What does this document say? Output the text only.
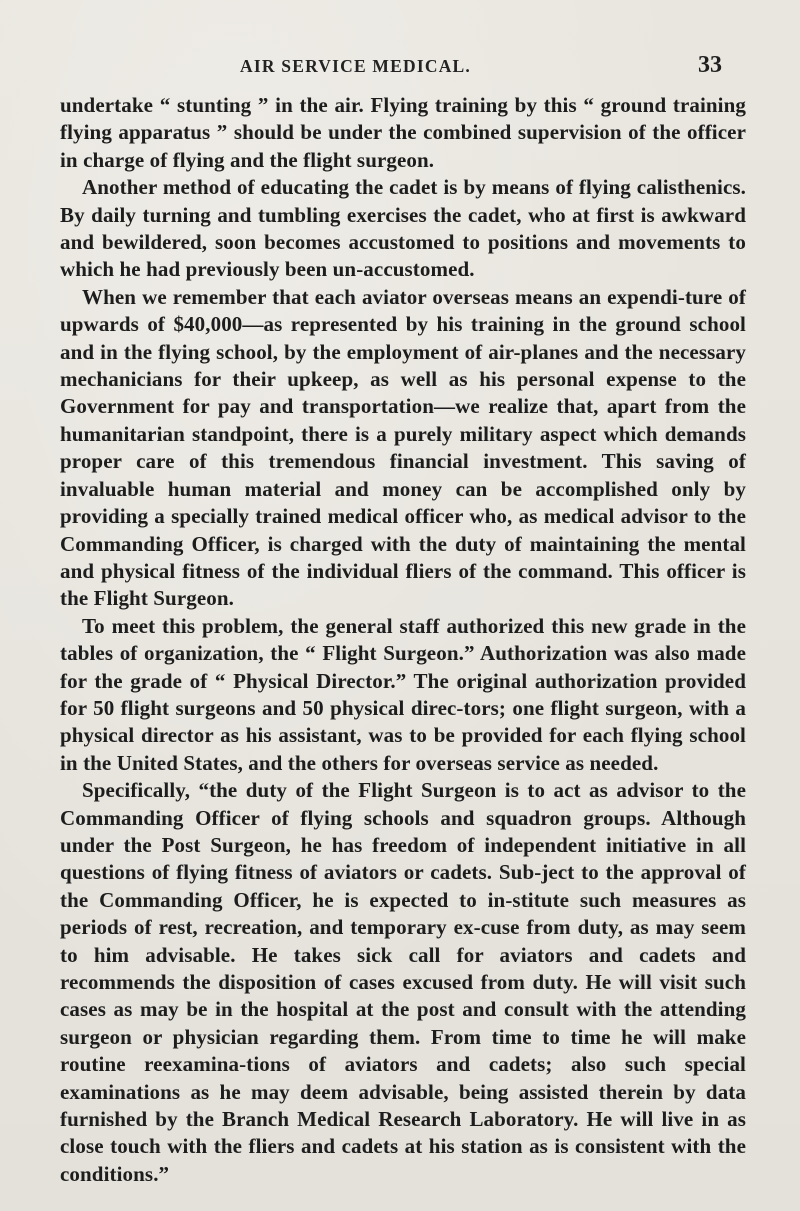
AIR SERVICE MEDICAL.	33

undertake “ stunting ” in the air. Flying training by this “ ground training flying apparatus ” should be under the combined supervision of the officer in charge of flying and the flight surgeon.

Another method of educating the cadet is by means of flying calisthenics. By daily turning and tumbling exercises the cadet, who at first is awkward and bewildered, soon becomes accustomed to positions and movements to which he had previously been un-accustomed.

When we remember that each aviator overseas means an expendi-ture of upwards of $40,000—as represented by his training in the ground school and in the flying school, by the employment of air-planes and the necessary mechanicians for their upkeep, as well as his personal expense to the Government for pay and transportation—we realize that, apart from the humanitarian standpoint, there is a purely military aspect which demands proper care of this tremendous financial investment. This saving of invaluable human material and money can be accomplished only by providing a specially trained medical officer who, as medical advisor to the Commanding Officer, is charged with the duty of maintaining the mental and physical fitness of the individual fliers of the command. This officer is the Flight Surgeon.

To meet this problem, the general staff authorized this new grade in the tables of organization, the “ Flight Surgeon.” Authorization was also made for the grade of “ Physical Director.” The original authorization provided for 50 flight surgeons and 50 physical direc-tors; one flight surgeon, with a physical director as his assistant, was to be provided for each flying school in the United States, and the others for overseas service as needed.

Specifically, “the duty of the Flight Surgeon is to act as advisor to the Commanding Officer of flying schools and squadron groups. Although under the Post Surgeon, he has freedom of independent initiative in all questions of flying fitness of aviators or cadets. Sub-ject to the approval of the Commanding Officer, he is expected to in-stitute such measures as periods of rest, recreation, and temporary ex-cuse from duty, as may seem to him advisable. He takes sick call for aviators and cadets and recommends the disposition of cases excused from duty. He will visit such cases as may be in the hospital at the post and consult with the attending surgeon or physician regarding them. From time to time he will make routine reexamina-tions of aviators and cadets; also such special examinations as he may deem advisable, being assisted therein by data furnished by the Branch Medical Research Laboratory. He will live in as close touch with the fliers and cadets at his station as is consistent with the conditions.”
